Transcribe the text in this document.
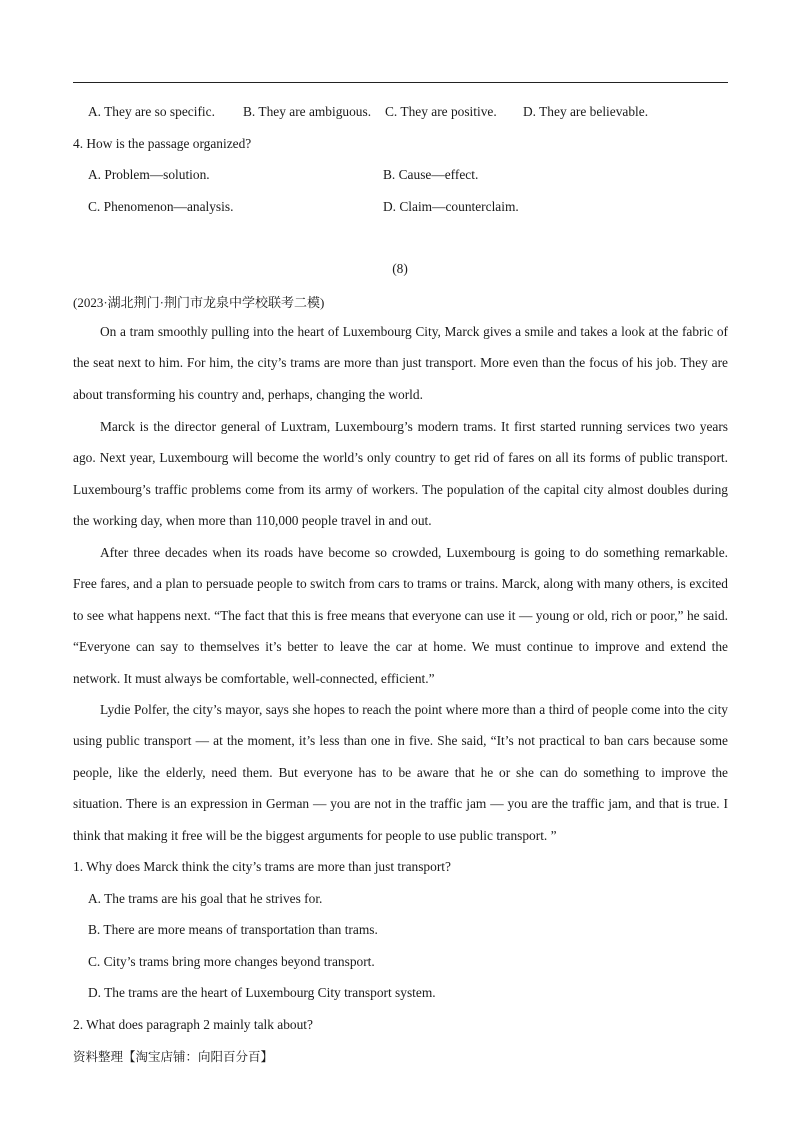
A. They are so specific. B. They are ambiguous. C. They are positive. D. They are believable.
4. How is the passage organized?
A. Problem—solution.	B. Cause—effect.
C. Phenomenon—analysis.	D. Claim—counterclaim.
(8)
(2023·湖北荆门·荆门市龙泉中学校联考二模)

On a tram smoothly pulling into the heart of Luxembourg City, Marck gives a smile and takes a look at the fabric of the seat next to him. For him, the city’s trams are more than just transport. More even than the focus of his job. They are about transforming his country and, perhaps, changing the world.

Marck is the director general of Luxtram, Luxembourg’s modern trams. It first started running services two years ago. Next year, Luxembourg will become the world’s only country to get rid of fares on all its forms of public transport. Luxembourg’s traffic problems come from its army of workers. The population of the capital city almost doubles during the working day, when more than 110,000 people travel in and out.

After three decades when its roads have become so crowded, Luxembourg is going to do something remarkable. Free fares, and a plan to persuade people to switch from cars to trams or trains. Marck, along with many others, is excited to see what happens next. “The fact that this is free means that everyone can use it — young or old, rich or poor,” he said. “Everyone can say to themselves it’s better to leave the car at home. We must continue to improve and extend the network. It must always be comfortable, well-connected, efficient.”

Lydie Polfer, the city’s mayor, says she hopes to reach the point where more than a third of people come into the city using public transport — at the moment, it’s less than one in five. She said, “It’s not practical to ban cars because some people, like the elderly, need them. But everyone has to be aware that he or she can do something to improve the situation. There is an expression in German — you are not in the traffic jam — you are the traffic jam, and that is true. I think that making it free will be the biggest arguments for people to use public transport. ”

1. Why does Marck think the city’s trams are more than just transport?
A. The trams are his goal that he strives for.
B. There are more means of transportation than trams.
C. City’s trams bring more changes beyond transport.
D. The trams are the heart of Luxembourg City transport system.
2. What does paragraph 2 mainly talk about?
资料整理【淘宝店铺：向阳百分百】
